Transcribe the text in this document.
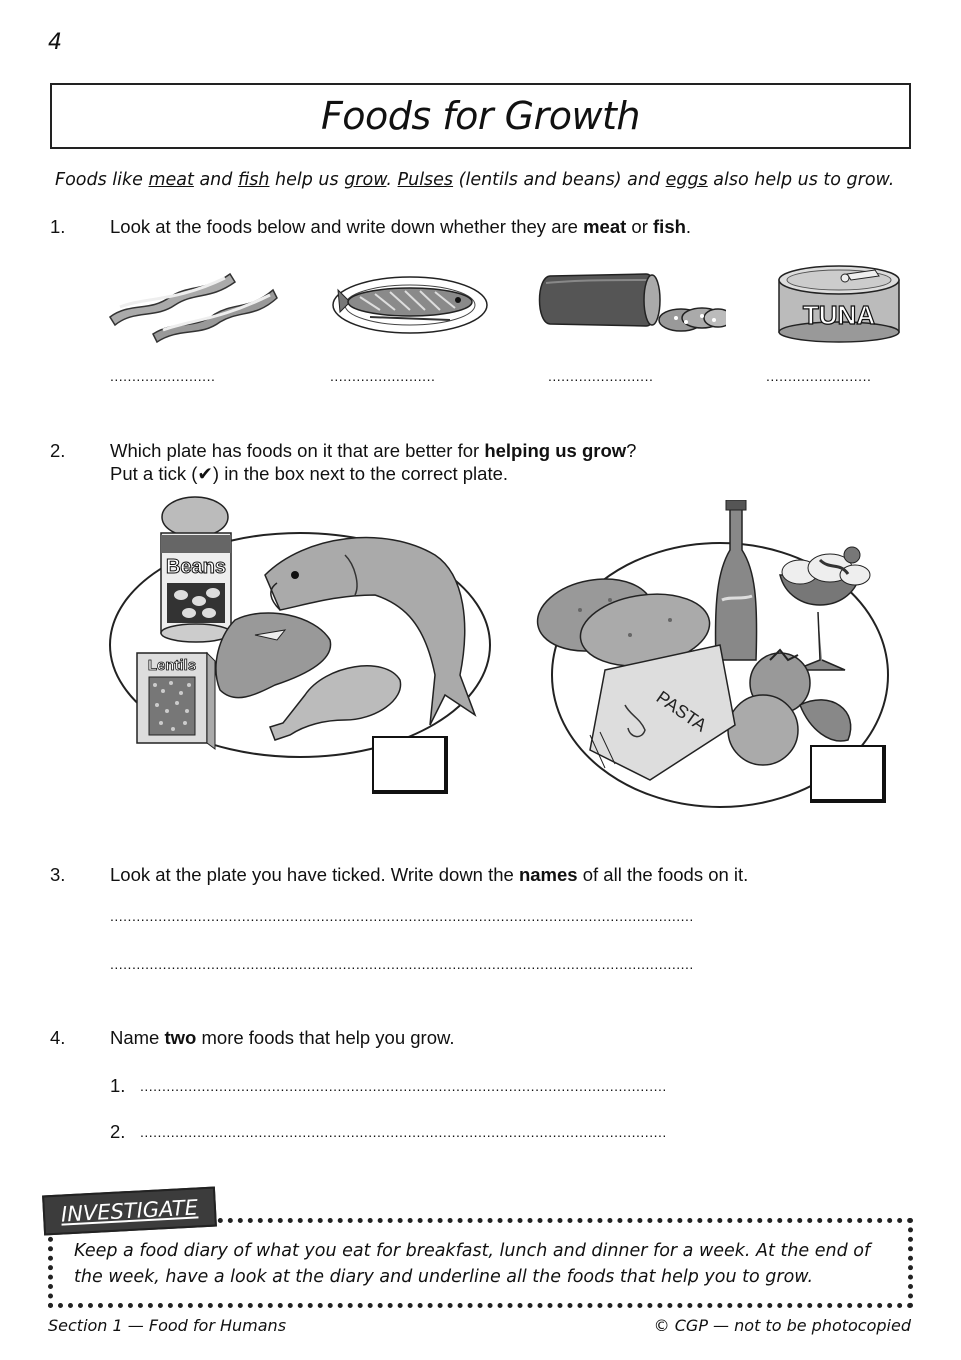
4
Foods for Growth
Foods like meat and fish help us grow. Pulses (lentils and beans) and eggs also help us to grow.
1. Look at the foods below and write down whether they are meat or fish.
TUNA
........................	........................	........................	........................
2. Which plate has foods on it that are better for helping us grow?
Put a tick (✔) in the box next to the correct plate.
Beans
Lentils
PASTA
3. Look at the plate you have ticked. Write down the names of all the foods on it.
.....................................................................................................................................
.....................................................................................................................................
4. Name two more foods that help you grow.
1. ........................................................................................................................
2. ........................................................................................................................
INVESTIGATE
Keep a food diary of what you eat for breakfast, lunch and dinner for a week. At the end of the week, have a look at the diary and underline all the foods that help you to grow.
Section 1 — Food for Humans	© CGP — not to be photocopied
